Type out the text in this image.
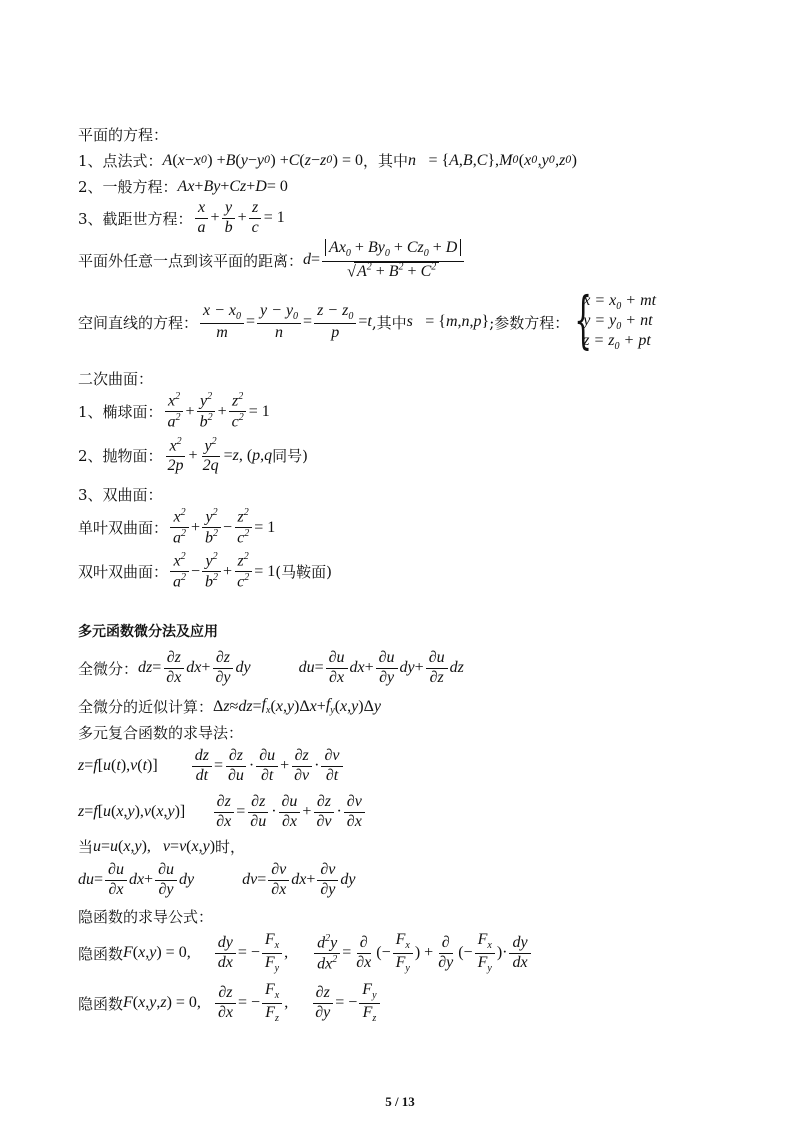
平面的方程：
1、点法式： A ( x − x 0 ) + B ( y − y 0 ) + C ( z − z 0 ) = 0 ，其中 n⃗ = { A , B , C }, M 0 ( x 0 , y 0 , z 0 )
2、一般方程： Ax + By + Cz + D = 0
3、截距世方程：
x
a
+ $\frac{y}{b} + \frac{z}{c} = 1$
平面外任意一点到该平面的距离： $d = \frac{Ax_0 + By_0 + Cz_0 + D}{√A^2 + B^2 + C^2}$
空间直线的方程： $\frac{x - x_0}{m} = \frac{y - y_0}{n} = \frac{z - z_0}{p} = t$ ,其中 s⃗ = { m , n , p } ;参数方程： {
$x = x_0$ + mt
$y = y_0$ + nt
$z = z_0$ + pt
二次曲面：
1、椭球面：
$x^2$
$a^2 + \frac{y^2}{b^2} + \frac{z^2}{c^2} = 1$
2、抛物面：
$x^2$
2p
+ $\frac{y^2}{2q} = z$ , ( p , q 同号)
3、双曲面：
单叶双曲面：
$x^2$
$a^2 + \frac{y^2}{b^2} - \frac{z^2}{c^2} = 1$
双叶双曲面：
$x^2$
$a^2 - \frac{y^2}{b^2} + \frac{z^2}{c^2} = 1$ (马鞍面)
多元函数微分法及应用
全微分： dz = $\frac{\partial z}{\partial x}$ dx + $\frac{\partial z}{\partial y}$ dy	du = $\frac{\partial u}{\partial x}$ dx + $\frac{\partial u}{\partial y}$ dy + $\frac{\partial u}{\partial z}$ dz
全微分的近似计算： Δ z ≈ dz = $f_x$ ( x , y )Δ $x + f_y$ ( x , y )Δ y
多元复合函数的求导法：
z = f [ u ( t ), v ( t )] $\frac{dz}{dt} = \frac{\partial z}{\partial u}$ ·
∂u
∂t
+ $\frac{\partial z}{\partial v}$ ·
∂v
∂t
z = f [ u ( x , y ), v ( x , y )] $\frac{\partial z}{\partial x} = \frac{\partial z}{\partial u}$ ·
∂u
∂x
+ $\frac{\partial z}{\partial v}$ ·
∂v
∂x
当 u = u ( x , y ), v = v ( x , y ) 时，
du = $\frac{\partial u}{\partial x}$ dx + $\frac{\partial u}{\partial y}$ dy	dv = $\frac{\partial v}{\partial x}$ dx + $\frac{\partial v}{\partial y}$ dy
隐函数的求导公式：
隐函数 F ( x , y ) = 0, $\frac{dy}{dx}$ = − $\frac{F_x}{F_y}$ , $\frac{d^2y}{dx^2}$ =
∂
∂x
(− $\frac{F_x}{F_y}$ ) +
∂
∂y
(− $\frac{F_x}{F_y}$ )·
dy
dx
隐函数 F ( x , y , z ) = 0, $\frac{\partial z}{\partial x}$ = − $\frac{F_x}{F_z}$ , $\frac{\partial z}{\partial y}$ = − $\frac{F_y}{F_z}$
5 / 13
